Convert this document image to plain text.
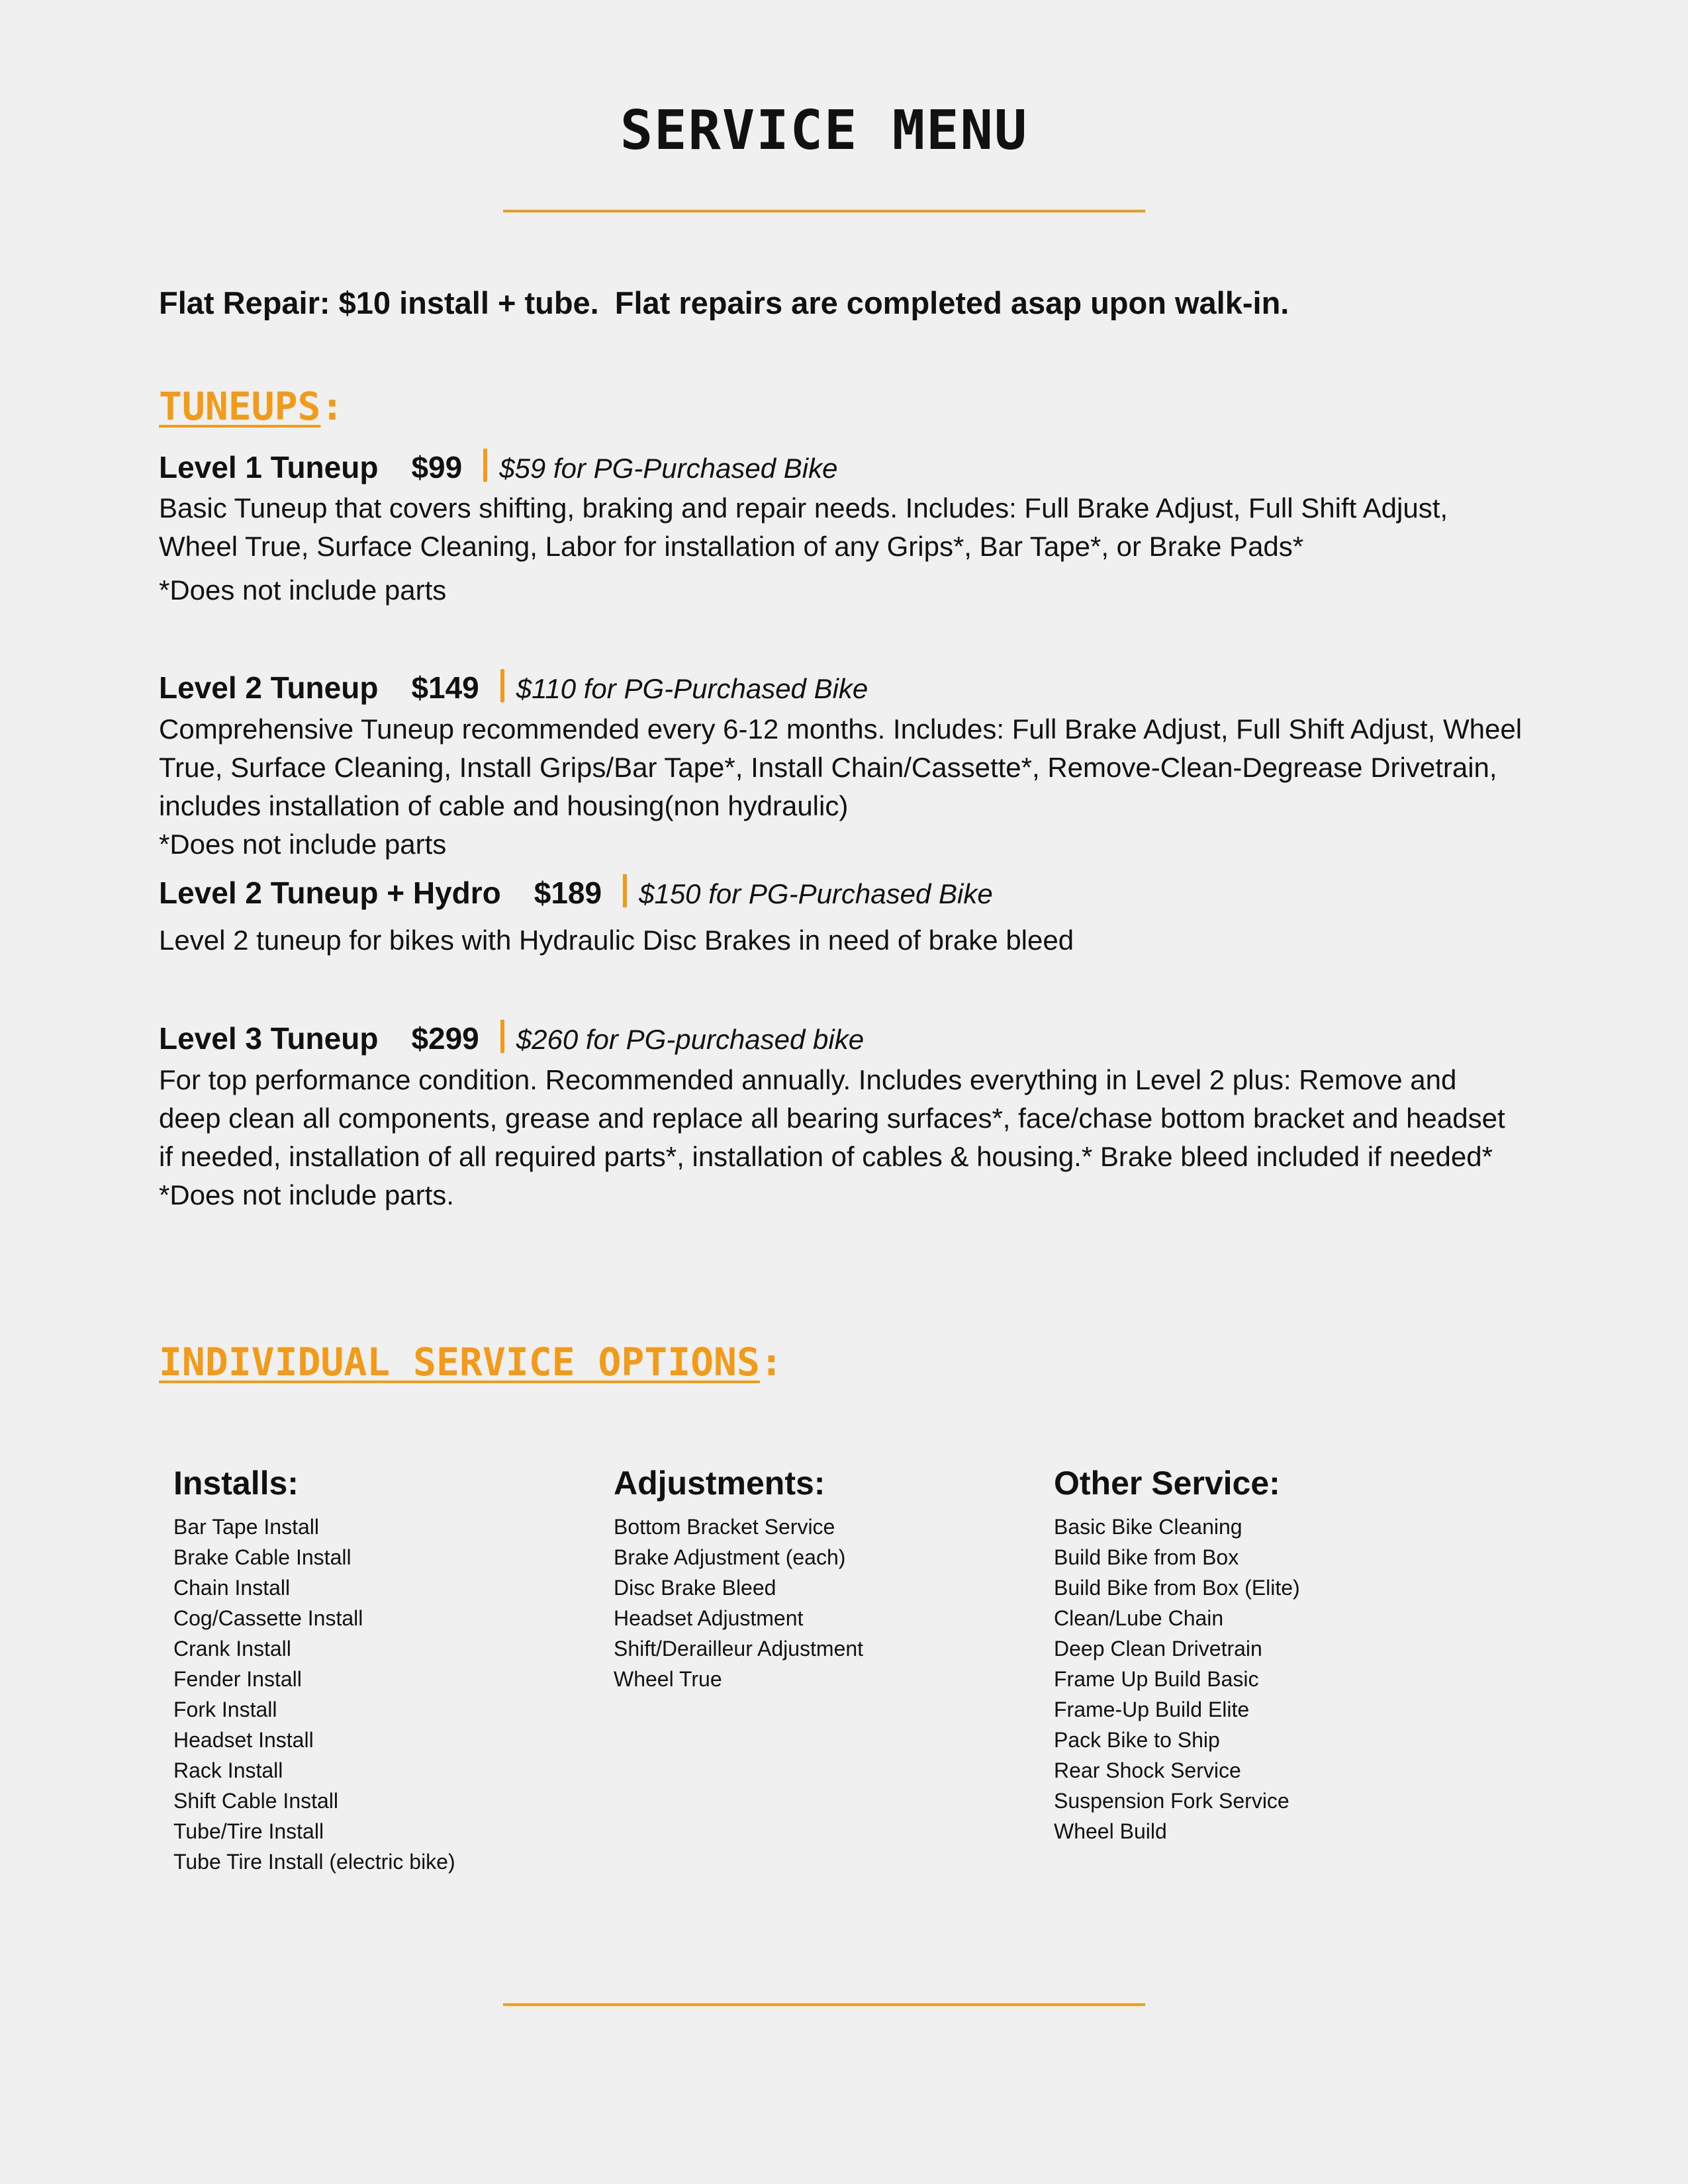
SERVICE MENU
Flat Repair: $10 install + tube. Flat repairs are completed asap upon walk-in.
TUNEUPS:
Level 1 Tuneup $99 $59 for PG-Purchased Bike
Basic Tuneup that covers shifting, braking and repair needs. Includes: Full Brake Adjust, Full Shift Adjust, Wheel True, Surface Cleaning, Labor for installation of any Grips*, Bar Tape*, or Brake Pads*
*Does not include parts
Level 2 Tuneup $149 $110 for PG-Purchased Bike
Comprehensive Tuneup recommended every 6-12 months. Includes: Full Brake Adjust, Full Shift Adjust, Wheel True, Surface Cleaning, Install Grips/Bar Tape*, Install Chain/Cassette*, Remove-Clean-Degrease Drivetrain, includes installation of cable and housing(non hydraulic)
*Does not include parts
Level 2 Tuneup + Hydro $189 $150 for PG-Purchased Bike
Level 2 tuneup for bikes with Hydraulic Disc Brakes in need of brake bleed
Level 3 Tuneup $299 $260 for PG-purchased bike
For top performance condition. Recommended annually. Includes everything in Level 2 plus: Remove and deep clean all components, grease and replace all bearing surfaces*, face/chase bottom bracket and headset if needed, installation of all required parts*, installation of cables & housing.* Brake bleed included if needed*
*Does not include parts.
INDIVIDUAL SERVICE OPTIONS:
Installs:
Bar Tape Install
Brake Cable Install
Chain Install
Cog/Cassette Install
Crank Install
Fender Install
Fork Install
Headset Install
Rack Install
Shift Cable Install
Tube/Tire Install
Tube Tire Install (electric bike)
Adjustments:
Bottom Bracket Service
Brake Adjustment (each)
Disc Brake Bleed
Headset Adjustment
Shift/Derailleur Adjustment
Wheel True
Other Service:
Basic Bike Cleaning
Build Bike from Box
Build Bike from Box (Elite)
Clean/Lube Chain
Deep Clean Drivetrain
Frame Up Build Basic
Frame-Up Build Elite
Pack Bike to Ship
Rear Shock Service
Suspension Fork Service
Wheel Build
